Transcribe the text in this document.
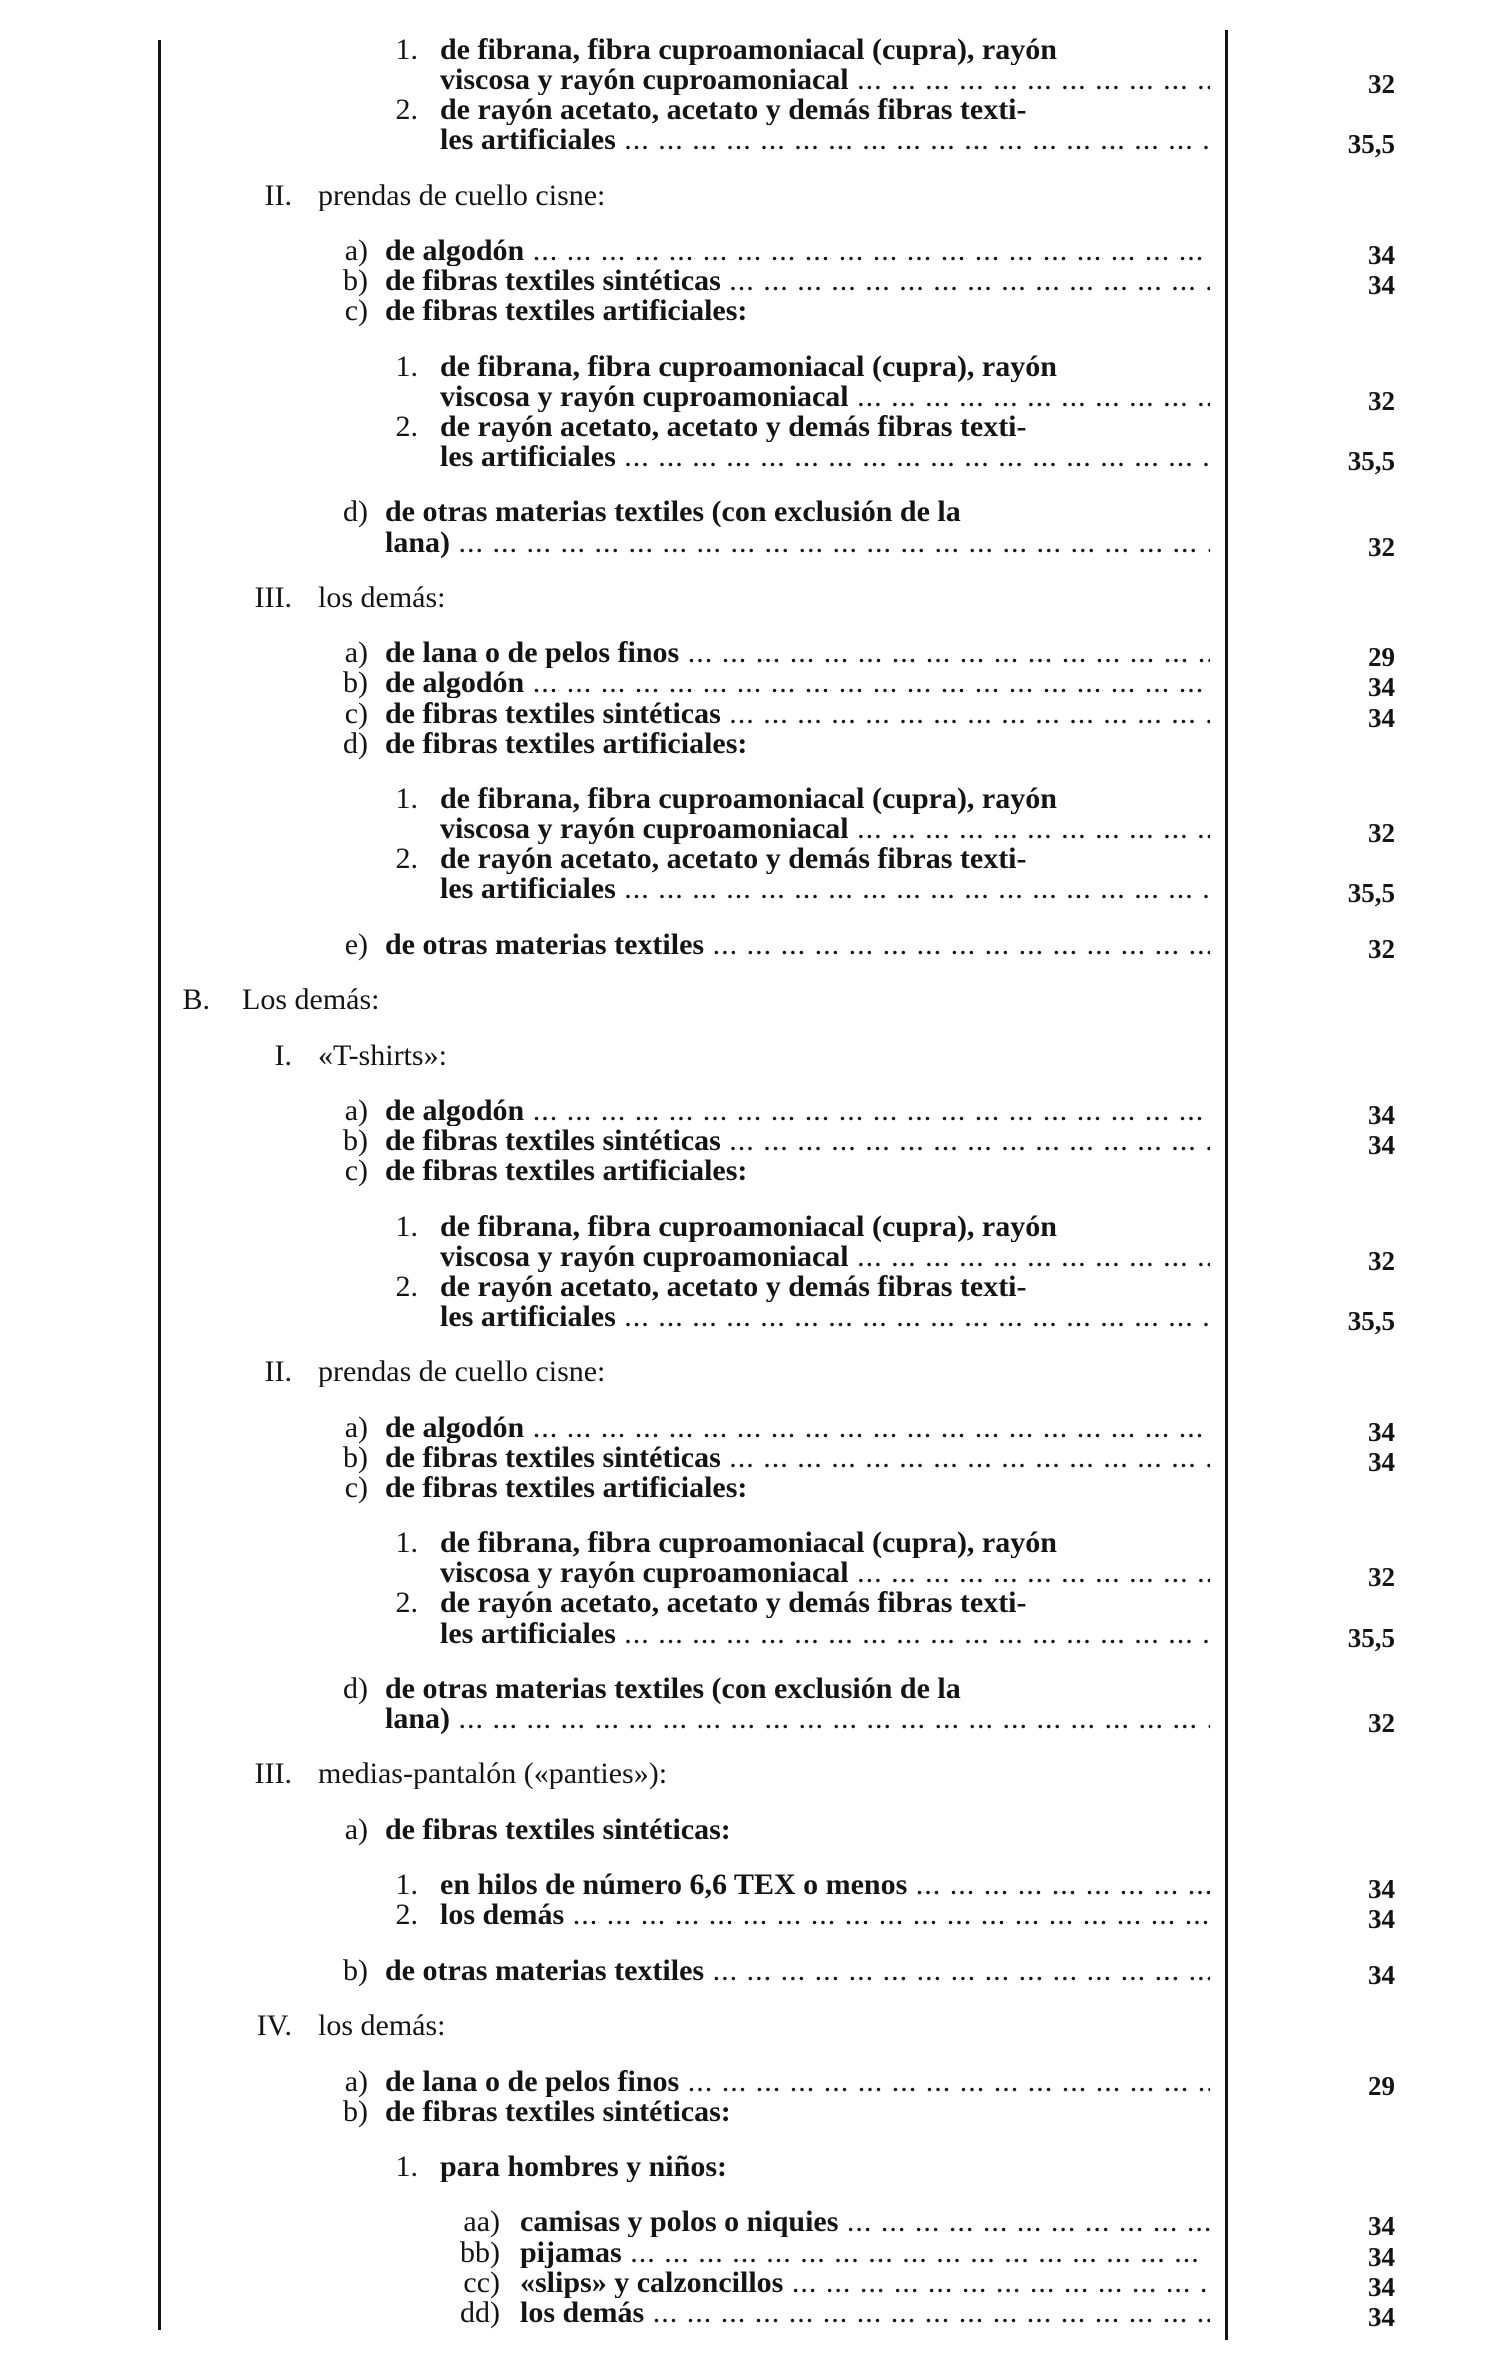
1. de fibrana, fibra cuproamoniacal (cupra), rayón
viscosa y rayón cuproamoniacal ... .	32
2. de rayón acetato, acetato y demás fibras texti-
les artificiales ... .	35,5
II. prendas de cuello cisne:
a) de algodón ... .	34
b) de fibras textiles sintéticas ... .	34
c) de fibras textiles artificiales:
1. de fibrana, fibra cuproamoniacal (cupra), rayón
viscosa y rayón cuproamoniacal ... .	32
2. de rayón acetato, acetato y demás fibras texti-
les artificiales ... .	35,5
d) de otras materias textiles (con exclusión de la
lana) ... .	32
III. los demás:
a) de lana o de pelos finos ... .	29
b) de algodón ... .	34
c) de fibras textiles sintéticas ... .	34
d) de fibras textiles artificiales:
1. de fibrana, fibra cuproamoniacal (cupra), rayón
viscosa y rayón cuproamoniacal ... .	32
2. de rayón acetato, acetato y demás fibras texti-
les artificiales ... .	35,5
e) de otras materias textiles ... .	32
B. Los demás:
I. «T-shirts»:
a) de algodón ... .	34
b) de fibras textiles sintéticas ... .	34
c) de fibras textiles artificiales:
1. de fibrana, fibra cuproamoniacal (cupra), rayón
viscosa y rayón cuproamoniacal ... .	32
2. de rayón acetato, acetato y demás fibras texti-
les artificiales ... .	35,5
II. prendas de cuello cisne:
a) de algodón ... .	34
b) de fibras textiles sintéticas ... .	34
c) de fibras textiles artificiales:
1. de fibrana, fibra cuproamoniacal (cupra), rayón
viscosa y rayón cuproamoniacal ... .	32
2. de rayón acetato, acetato y demás fibras texti-
les artificiales ... .	35,5
d) de otras materias textiles (con exclusión de la
lana) ... .	32
III. medias-pantalón («panties»):
a) de fibras textiles sintéticas:
1. en hilos de número 6,6 TEX o menos ... .	34
2. los demás ... .	34
b) de otras materias textiles ... .	34
IV. los demás:
a) de lana o de pelos finos ... .	29
b) de fibras textiles sintéticas:
1. para hombres y niños:
aa) camisas y polos o niquies ... .	34
bb) pijamas ... .	34
cc) «slips» y calzoncillos ... .	34
dd) los demás ... .	34
